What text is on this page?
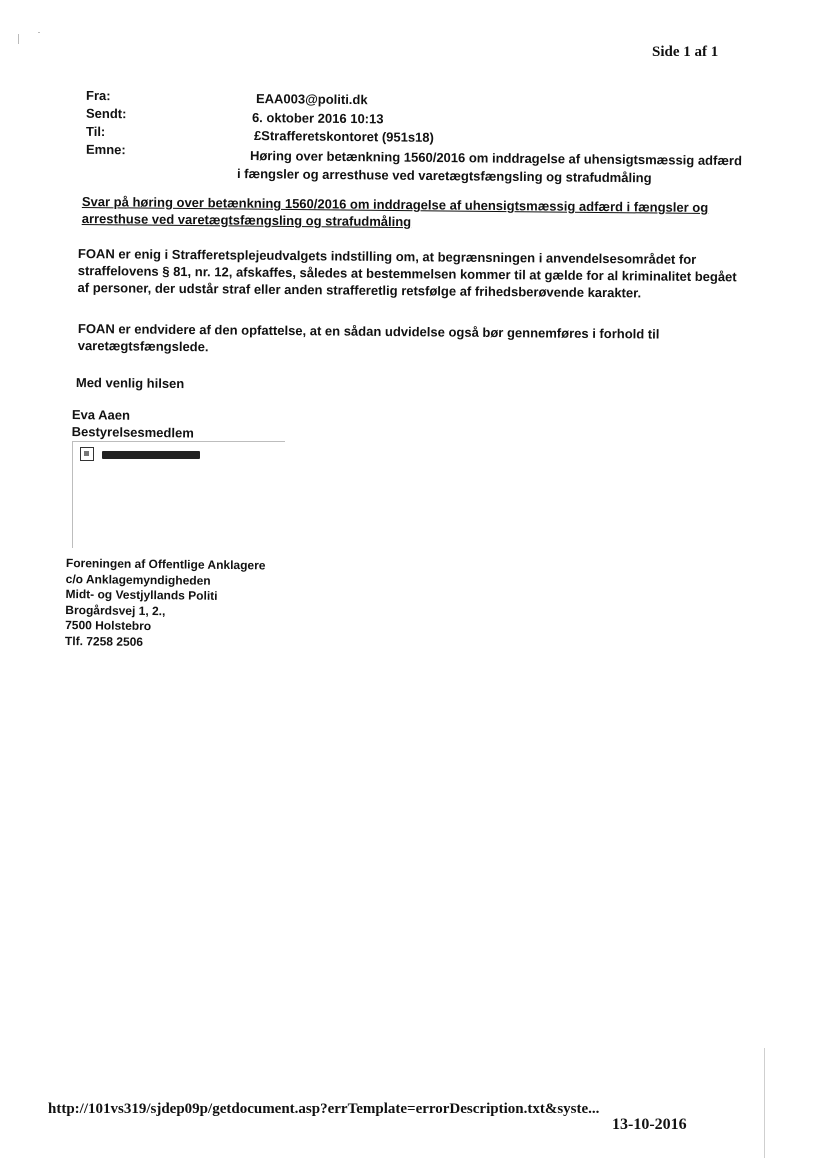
Side 1 af 1
Fra:	EAA003@politi.dk
Sendt:	6. oktober 2016 10:13
Til:	£Strafferetskontoret (951s18)
Emne:	Høring over betænkning 1560/2016 om inddragelse af uhensigtsmæssig adfærd
i fængsler og arresthuse ved varetægtsfængsling og strafudmåling
Svar på høring over betænkning 1560/2016 om inddragelse af uhensigtsmæssig adfærd i fængsler og
arresthuse ved varetægtsfængsling og strafudmåling
FOAN er enig i Strafferetsplejeudvalgets indstilling om, at begrænsningen i anvendelsesområdet for
straffelovens § 81, nr. 12, afskaffes, således at bestemmelsen kommer til at gælde for al kriminalitet begået
af personer, der udstår straf eller anden strafferetlig retsfølge af frihedsberøvende karakter.
FOAN er endvidere af den opfattelse, at en sådan udvidelse også bør gennemføres i forhold til
varetægtsfængslede.
Med venlig hilsen
Eva Aaen
Bestyrelsesmedlem
Foreningen af Offentlige Anklagere
c/o Anklagemyndigheden
Midt- og Vestjyllands Politi
Brogårdsvej 1, 2.,
7500 Holstebro
Tlf. 7258 2506
http://101vs319/sjdep09p/getdocument.asp?errTemplate=errorDescription.txt&syste...
13-10-2016
